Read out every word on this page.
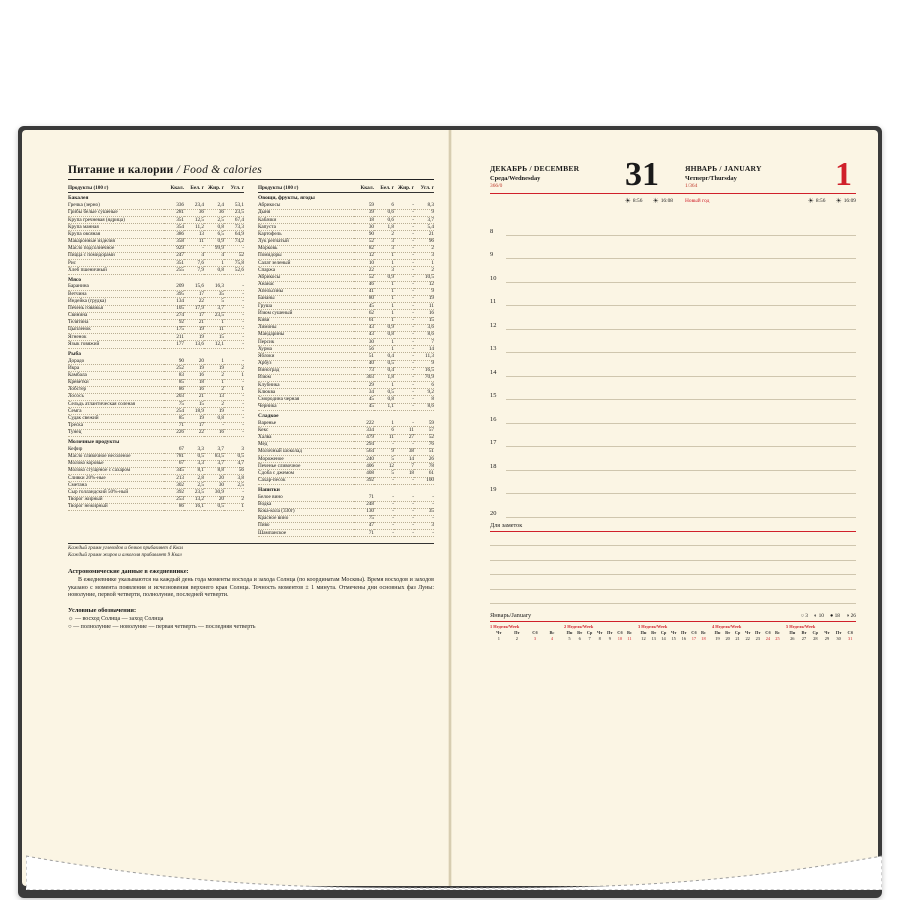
Питание и калории / Food & calories
Продукты (100 г)	Ккал.	Бел. г	Жир. г	Угл. г
Бакалея				
Гречка (зерно)	336	23,4	2,4	53,1
Грибы белые сушеные	281	36	36	23,5
Крупа гречневая (ядрица)	351	12,5	2,5	67,4
Крупа манная	354	11,2	0,8	73,3
Крупа овсяная	386	13	6,5	64,9
Макаронные изделия	358	11	0,9	74,2
Масло подсолнечное	929	-	99,9	-
Пицца с помидорами	247	4	4	52
Рис	351	7,6	1	75,8
Хлеб пшеничный	255	7,9	0,8	52,6
Мясо				
Баранина	209	15,6	16,3	-
Ветчина	395	17	35	-
Индейка (грудка)	134	22	5	-
Печень говяжья	105	17,9	3,7	-
Свинина	274	17	23,5	-
Телятина	92	21	1	-
Цыпленок	175	19	11	-
Ягненок	211	19	15	-
Язык говяжий	177	13,6	12,1	-
Рыба				
Дорадо	90	20	1	-
Икра	252	19	19	2
Камбала	83	16	2	1
Креветки	85	18	1	-
Лобстер	86	16	2	1
Лосось	203	21	13	-
Сельдь атлантическая соленая	75	15	2	-
Семга	254	18,9	19	-
Судак свежий	85	19	0,8	-
Треска	71	17	-	-
Тунец	226	22	16	-
Молочные продукты				
Кефир	67	3,3	3,7	3
Масло сливочное несоленое	781	0,5	83,5	0,5
Молоко коровье	67	3,3	3,7	4,7
Молоко сгущеное с сахаром	345	8,1	8,8	56
Сливки 20%-ные	213	2,8	20	3,8
Сметана	302	2,5	30	2,5
Сыр голландский 50%-ный	392	23,5	30,9	-
Творог жирный	253	13,2	20	2
Творог нежирный	86	16,1	0,5	1
Продукты (100 г)	Ккал.	Бел. г	Жир. г	Угл. г
Овощи, фрукты, ягоды				
Абрикосы	59	6	-	8,3
Дыня	39	0,6	-	9
Кабачки	18	0,6	-	3,7
Капуста	30	1,8	-	5,4
Картофель	90	2	-	21
Лук репчатый	52	3	-	96
Морковь	82	3	-	2
Помидоры	12	1	-	3
Салат зеленый	10	1	-	1
Спаржа	22	3	-	2
Абрикосы	52	0,9	-	10,5
Ананас	46	1	-	12
Апельсины	41	1	-	9
Бананы	80	1	-	19
Груша	45	1	-	11
Изюм сушеный	62	1	-	16
Киви	61	1	-	15
Лимоны	43	0,9	-	3,6
Мандарины	43	0,8	-	8,6
Персик	30	1	-	7
Хурма	56	1	-	14
Яблоки	51	0,4	-	11,3
Арбуз	40	0,5	-	9
Виноград	73	0,4	-	16,5
Изюм	303	1,8	-	70,9
Клубника	29	1	-	6
Клюква	34	0,5	-	9,2
Смородина черная	45	0,8	-	8
Черника	45	1,1	-	8,6
Сладкое				
Варенье	222	1	-	59
Кекс	334	6	11	57
Халва	479	11	27	52
Мед	294	-	-	76
Молочный шоколад	564	9	38	51
Мороженое	240	5	14	26
Печенье сливочное	406	12	7	78
Сдоба с джемом	408	5	18	61
Сахар-песок	392	-	-	100
Напитки				
Белое вино	71	-	-	-
Водка	248	-	-	-
Кока-кола (330г)	130	-	-	35
Красное вино	75	-	-	-
Пиво	47	-	-	3
Шампанское	71	-	-	-
Каждый грамм углеводов и белков прибавляет 4 Ккал
Каждый грамм жиров и алкоголя прибавляет 9 Ккал
Астрономические данные в ежедневнике:
В ежедневнике указываются на каждый день года моменты восхода и захода Солнца (по координатам Москвы). Время восходов и заходов указано с момента появления и исчезновения верхнего края Солнца. Точность моментов ± 1 минута. Отмечены дни основных фаз Луны: новолуние, первой четверти, полнолуние, последней четверти.
Условные обозначения:
☼ — восход Солнца — заход Солнца
○ — полнолуние — новолуние — первая четверть — последняя четверть
ДЕКАБРЬ / DECEMBER
Среда/Wednesday
366/0	31	ЯНВАРЬ / JANUARY
Четверг/Thursday
1/364	1
☀ 8:56 ☀ 16:08 Новый год	☀ 8:56 ☀ 16:09
8
9
10
11
12
13
14
15
16
17
18
19
20
Для заметок
Январь/January	○ 3 ◐ 10 ● 18 ◑ 26
1 Неделя/Week
Чт	Пт	Сб	Вс
1	2	3	4
2 Неделя/Week
Пн	Вт	Ср	Чт	Пт	Сб	Вс
5	6	7	8	9	10	11
3 Неделя/Week
Пн	Вт	Ср	Чт	Пт	Сб	Вс
12	13	14	15	16	17	18
4 Неделя/Week
Пн	Вт	Ср	Чт	Пт	Сб	Вс
19	20	21	22	23	24	25
5 Неделя/Week
Пн	Вт	Ср	Чт	Пт	Сб
26	27	28	29	30	31
